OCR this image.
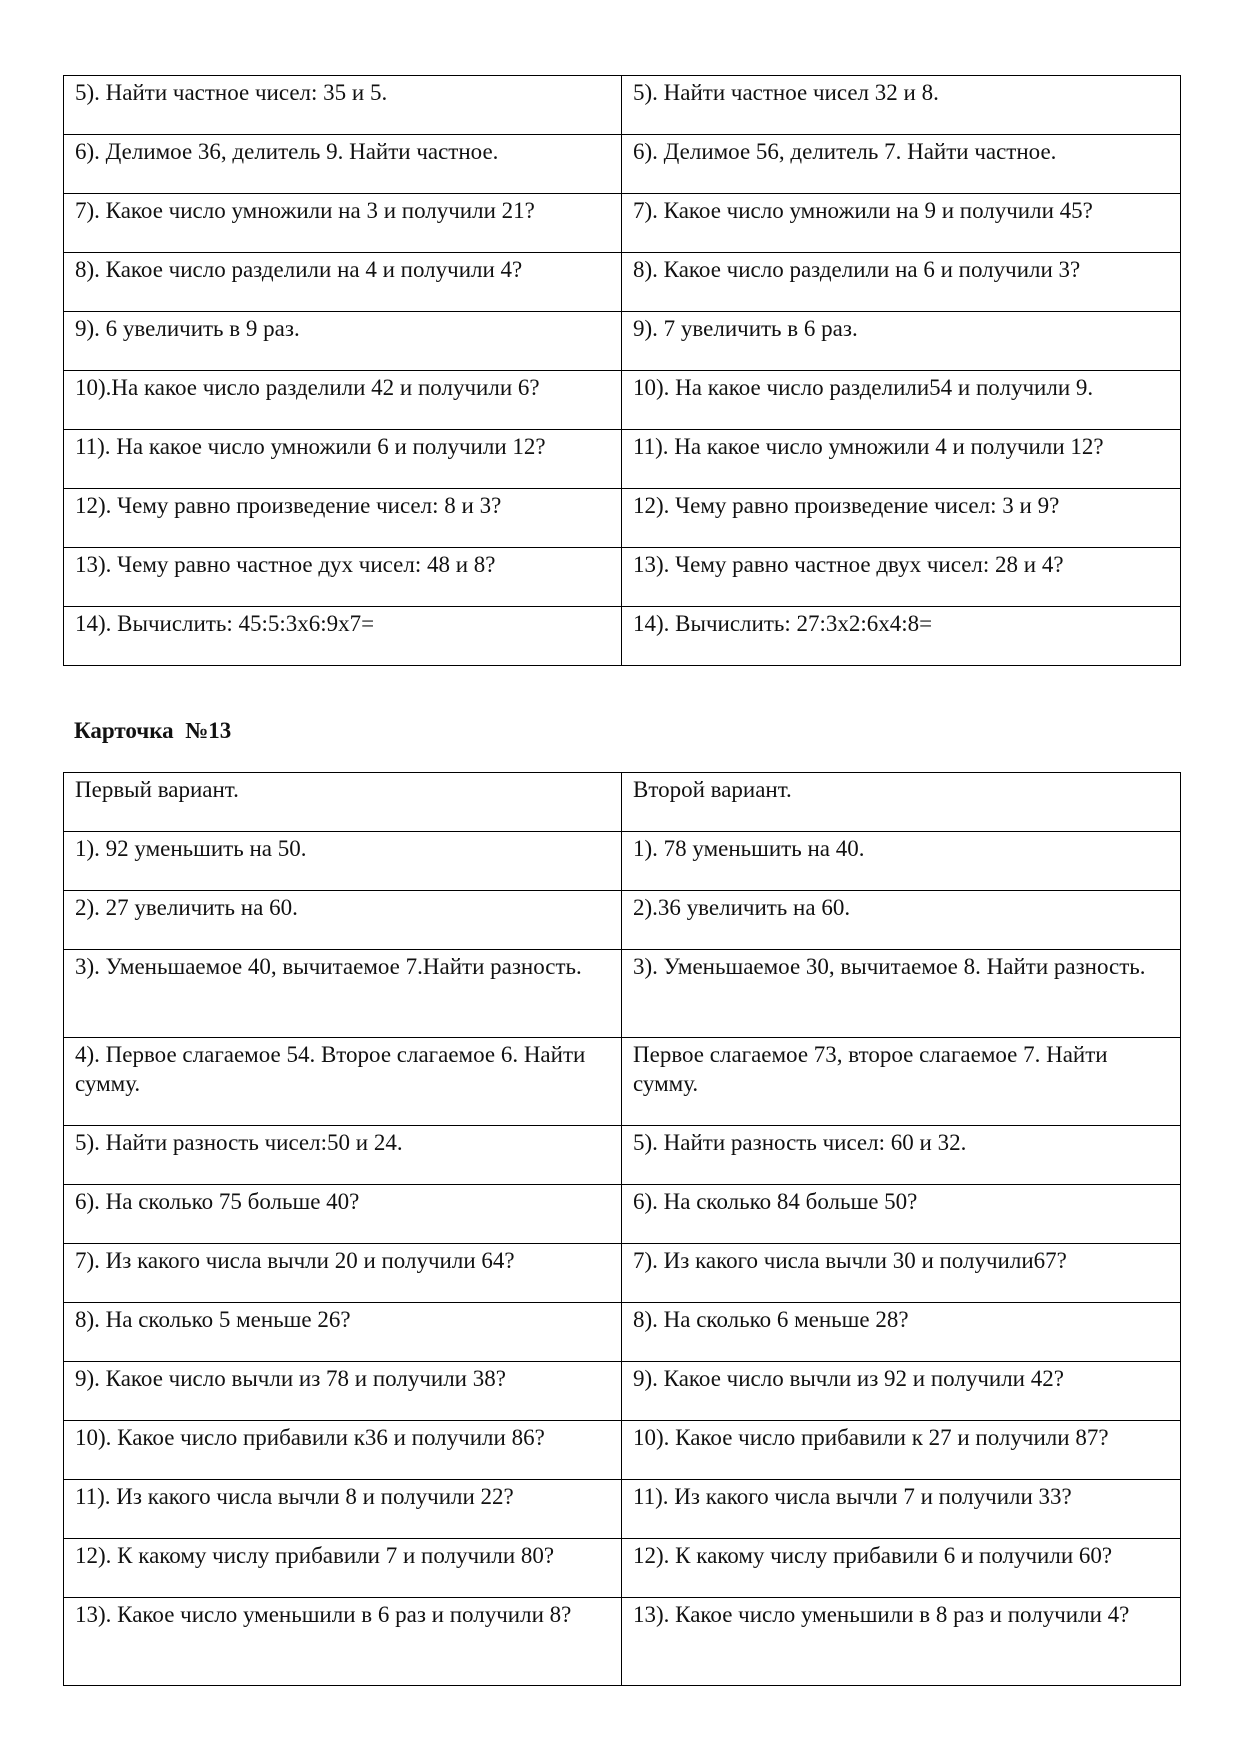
5). Найти частное чисел: 35 и 5.	5). Найти частное чисел 32 и 8.
6). Делимое 36, делитель 9. Найти частное.	6). Делимое 56, делитель 7. Найти частное.
7). Какое число умножили на 3 и получили 21?	7). Какое число умножили на 9 и получили 45?
8). Какое число разделили на 4 и получили 4?	8). Какое число разделили на 6 и получили 3?
9). 6 увеличить в 9 раз.	9). 7 увеличить в 6 раз.
10).На какое число разделили 42 и получили 6?	10). На какое число разделили54 и получили 9.
11). На какое число умножили 6 и получили 12?	11). На какое число умножили 4 и получили 12?
12). Чему равно произведение чисел: 8 и 3?	12). Чему равно произведение чисел: 3 и 9?
13). Чему равно частное дух чисел: 48 и 8?	13). Чему равно частное двух чисел: 28 и 4?
14). Вычислить: 45:5:3х6:9х7=	14). Вычислить: 27:3х2:6х4:8=

Карточка  №13

Первый вариант.	Второй вариант.
1). 92 уменьшить на 50.	1). 78 уменьшить на 40.
2). 27 увеличить на 60.	2).36 увеличить на 60.
3). Уменьшаемое 40, вычитаемое 7.Найти разность.	3). Уменьшаемое 30, вычитаемое 8. Найти разность.
4). Первое слагаемое 54. Второе слагаемое 6. Найти сумму.	Первое слагаемое 73, второе слагаемое 7. Найти сумму.
5). Найти разность чисел:50 и 24.	5). Найти разность чисел: 60 и 32.
6). На сколько 75 больше 40?	6). На сколько 84 больше 50?
7). Из какого числа вычли 20 и получили 64?	7). Из какого числа вычли 30 и получили67?
8). На сколько 5 меньше 26?	8). На сколько 6 меньше 28?
9). Какое число вычли из 78 и получили 38?	9). Какое число вычли из 92 и получили 42?
10). Какое число прибавили к36 и получили 86?	10). Какое число прибавили к 27 и получили 87?
11). Из какого числа вычли 8 и получили 22?	11). Из какого числа вычли 7 и получили 33?
12). К какому числу прибавили 7 и получили 80?	12). К какому числу прибавили 6 и получили 60?
13). Какое число уменьшили в 6 раз и получили 8?	13). Какое число уменьшили в 8 раз и получили 4?
